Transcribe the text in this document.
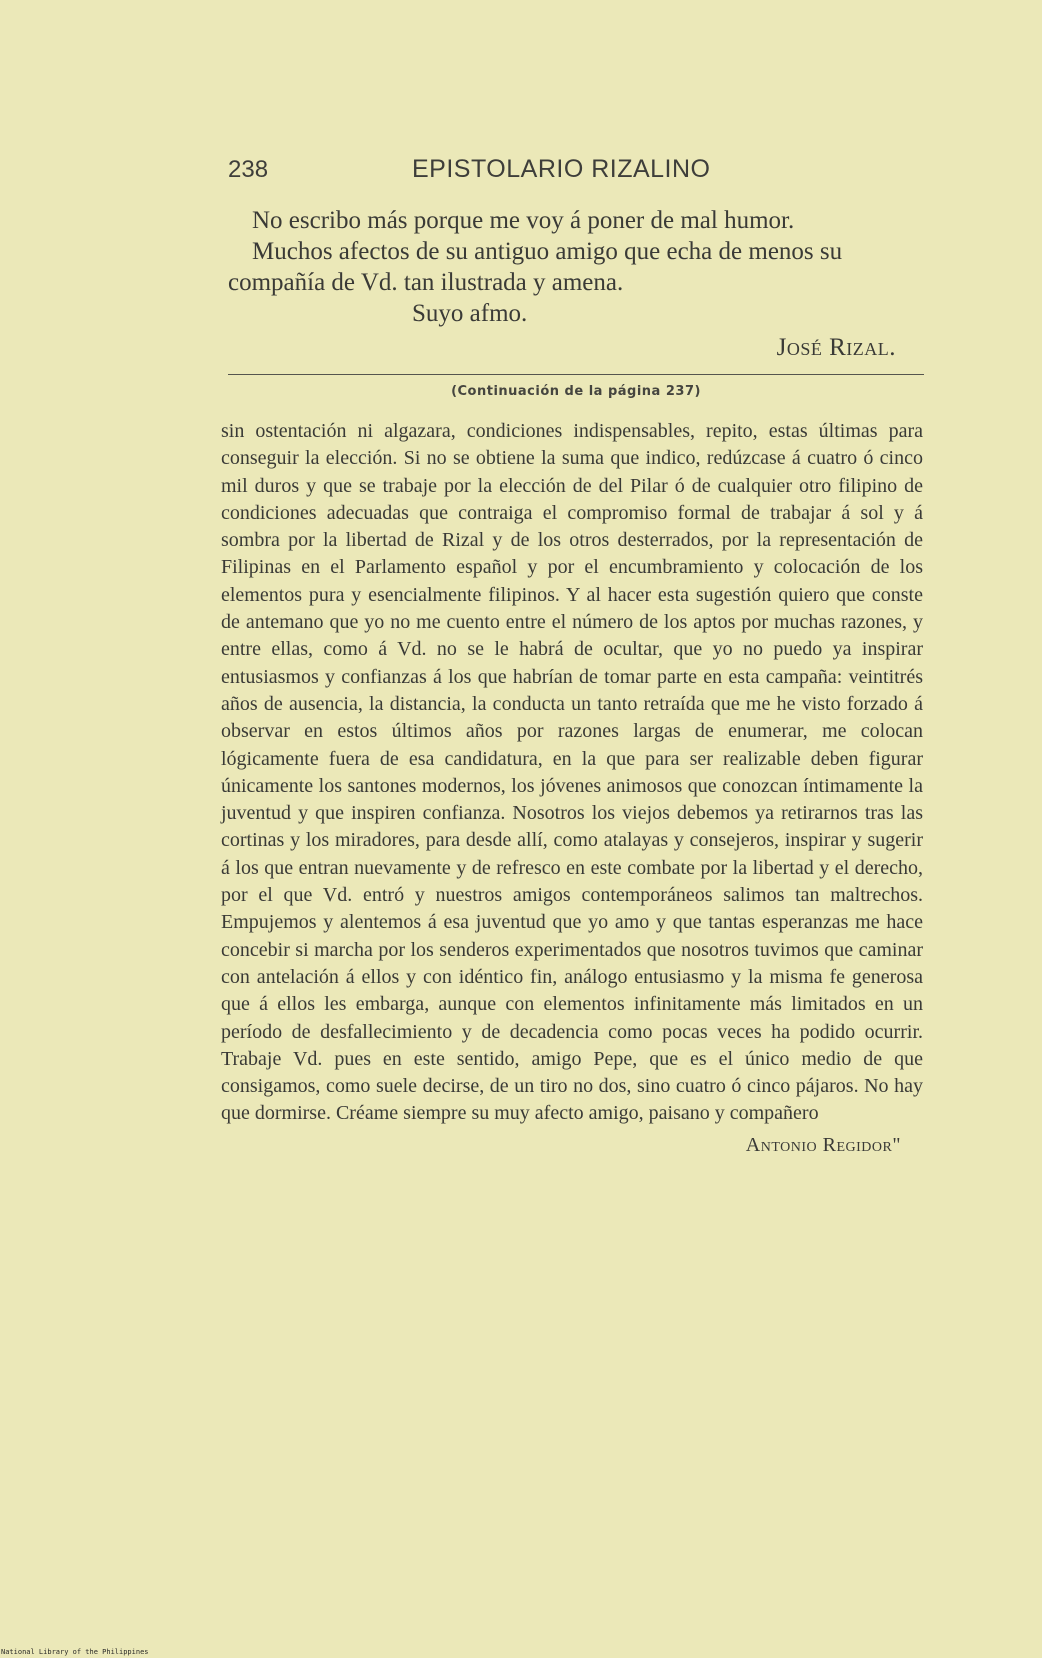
238	EPISTOLARIO RIZALINO

No escribo más porque me voy á poner de mal humor.

Muchos afectos de su antiguo amigo que echa de menos su compañía de Vd. tan ilustrada y amena.

Suyo afmo.

José Rizal.

(Continuación de la página 237)

sin ostentación ni algazara, condiciones indispensables, repito, estas últimas para conseguir la elección. Si no se obtiene la suma que indico, redúzcase á cuatro ó cinco mil duros y que se trabaje por la elección de del Pilar ó de cualquier otro filipino de condiciones adecuadas que contraiga el compromiso formal de trabajar á sol y á sombra por la libertad de Rizal y de los otros desterrados, por la representación de Filipinas en el Parlamento español y por el encumbramiento y colocación de los elementos pura y esencialmente filipinos. Y al hacer esta sugestión quiero que conste de antemano que yo no me cuento entre el número de los aptos por muchas razones, y entre ellas, como á Vd. no se le habrá de ocultar, que yo no puedo ya inspirar entusiasmos y confianzas á los que habrían de tomar parte en esta campaña: veintitrés años de ausencia, la distancia, la conducta un tanto retraída que me he visto forzado á observar en estos últimos años por razones largas de enumerar, me colocan lógicamente fuera de esa candidatura, en la que para ser realizable deben figurar únicamente los santones modernos, los jóvenes animosos que conozcan íntimamente la juventud y que inspiren confianza. Nosotros los viejos debemos ya retirarnos tras las cortinas y los miradores, para desde allí, como atalayas y consejeros, inspirar y sugerir á los que entran nuevamente y de refresco en este combate por la libertad y el derecho, por el que Vd. entró y nuestros amigos contemporáneos salimos tan maltrechos. Empujemos y alentemos á esa juventud que yo amo y que tantas esperanzas me hace concebir si marcha por los senderos experimentados que nosotros tuvimos que caminar con antelación á ellos y con idéntico fin, análogo entusiasmo y la misma fe generosa que á ellos les embarga, aunque con elementos infinitamente más limitados en un período de desfallecimiento y de decadencia como pocas veces ha podido ocurrir. Trabaje Vd. pues en este sentido, amigo Pepe, que es el único medio de que consigamos, como suele decirse, de un tiro no dos, sino cuatro ó cinco pájaros. No hay que dormirse. Créame siempre su muy afecto amigo, paisano y compañero

Antonio Regidor"

National Library of the Philippines
